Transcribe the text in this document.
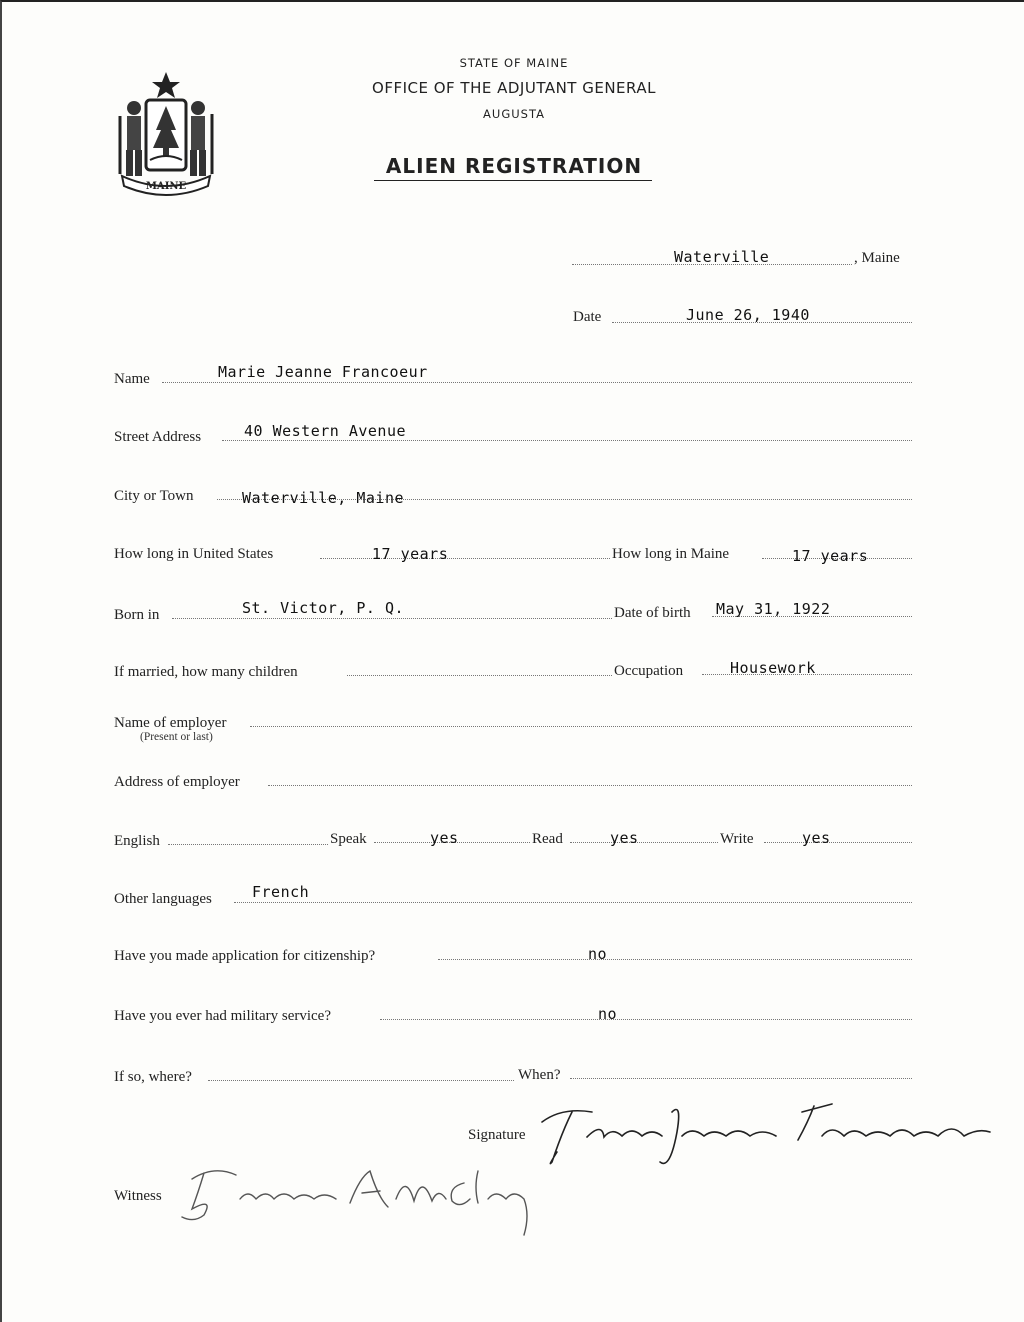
MAINE
STATE OF MAINE
OFFICE OF THE ADJUTANT GENERAL
AUGUSTA
ALIEN REGISTRATION
Waterville	, Maine
Date	June 26, 1940
Name	Marie Jeanne Francoeur
Street Address	40 Western Avenue
City or Town	Waterville, Maine
How long in United States	17 years	How long in Maine	17 years
Born in	St. Victor, P. Q.	Date of birth May 31, 1922
If married, how many children	Occupation	Housework
Name of employer
(Present or last)
Address of employer
English	Speak	yes	Read	yes	Write	yes
Other languages	French
Have you made application for citizenship?	no
Have you ever had military service?	no
If so, where?	When?
Signature
Marie Jeanne Francoeur
Witness
Frances A McClay
